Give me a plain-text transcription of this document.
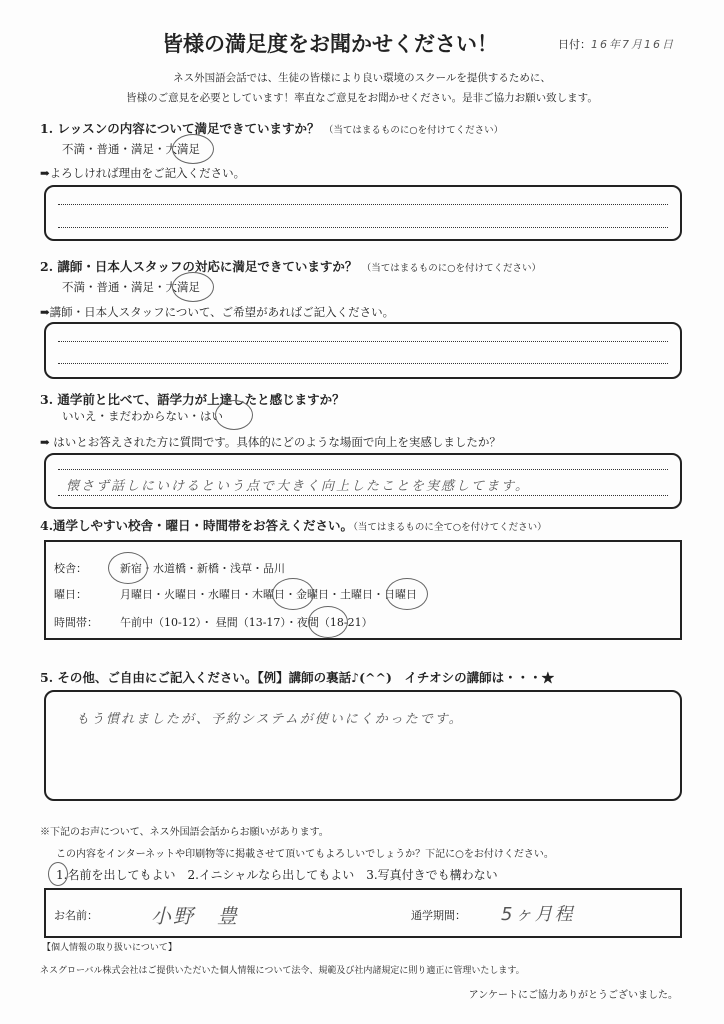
皆様の満足度をお聞かせください！	日付：16年7月16日
ネス外国語会話では、生徒の皆様により良い環境のスクールを提供するために、
皆様のご意見を必要としています！率直なご意見をお聞かせください。是非ご協力お願い致します。
1. レッスンの内容について満足できていますか？ （当てはまるものに○を付けてください）
不満・普通・満足・大満足
➡よろしければ理由をご記入ください。
2. 講師・日本人スタッフの対応に満足できていますか？ （当てはまるものに○を付けてください）
不満・普通・満足・大満足
➡講師・日本人スタッフについて、ご希望があればご記入ください。
3. 通学前と比べて、語学力が上達したと感じますか？
いいえ・まだわからない・はい
➡ はいとお答えされた方に質問です。具体的にどのような場面で向上を実感しましたか？
懐さず話しにいけるという点で大きく向上したことを実感してます。
4.通学しやすい校舎・曜日・時間帯をお答えください。（当てはまるものに全て○を付けてください）
校舎：	新宿・水道橋・新橋・浅草・品川
曜日：	月曜日・火曜日・水曜日・木曜日・金曜日・土曜日・日曜日
時間帯： 午前中（10-12）・ 昼間（13-17）・夜間（18-21）
5. その他、ご自由にご記入ください。【例】講師の裏話♪(^^)　イチオシの講師は・・・★
もう慣れましたが、予約システムが使いにくかったです。
※下記のお声について、ネス外国語会話からお願いがあります。
この内容をインターネットや印刷物等に掲載させて頂いてもよろしいでしょうか？下記に○をお付けください。
1.名前を出してもよい　 2.イニシャルなら出してもよい　 3.写真付きでも構わない
お名前：	小野　豊	通学期間： 5ヶ月程
【個人情報の取り扱いについて】
ネスグローバル株式会社はご提供いただいた個人情報について法令、規範及び社内諸規定に則り適正に管理いたします。
アンケートにご協力ありがとうございました。
